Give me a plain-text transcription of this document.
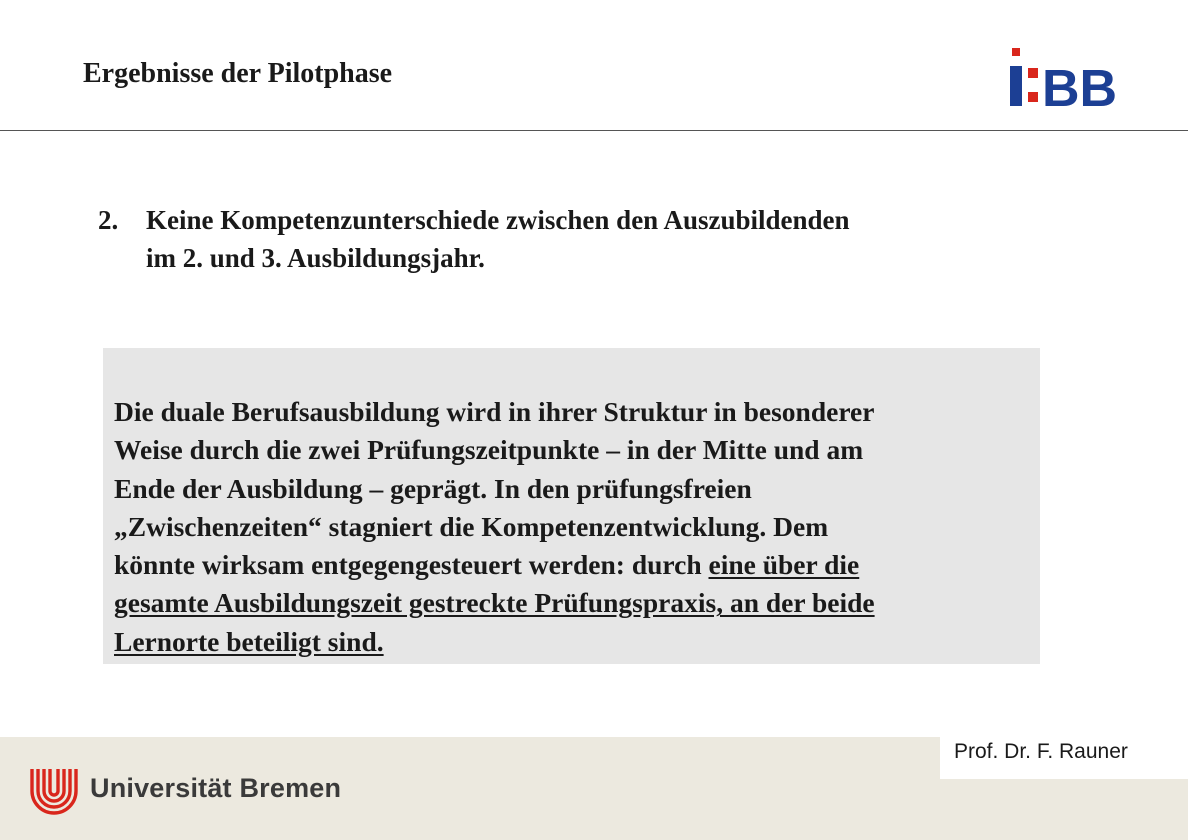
Ergebnisse der Pilotphase	BB
2.	Keine Kompetenzunterschiede zwischen den Auszubildenden
im 2. und 3. Ausbildungsjahr.

Die duale Berufsausbildung wird in ihrer Struktur in besonderer
Weise durch die zwei Prüfungszeitpunkte – in der Mitte und am
Ende der Ausbildung – geprägt. In den prüfungsfreien
„Zwischenzeiten“ stagniert die Kompetenzentwicklung. Dem
könnte wirksam entgegengesteuert werden: durch eine über die
gesamte Ausbildungszeit gestreckte Prüfungspraxis, an der beide
Lernorte beteiligt sind.

Prof. Dr. F. Rauner
Universität Bremen
